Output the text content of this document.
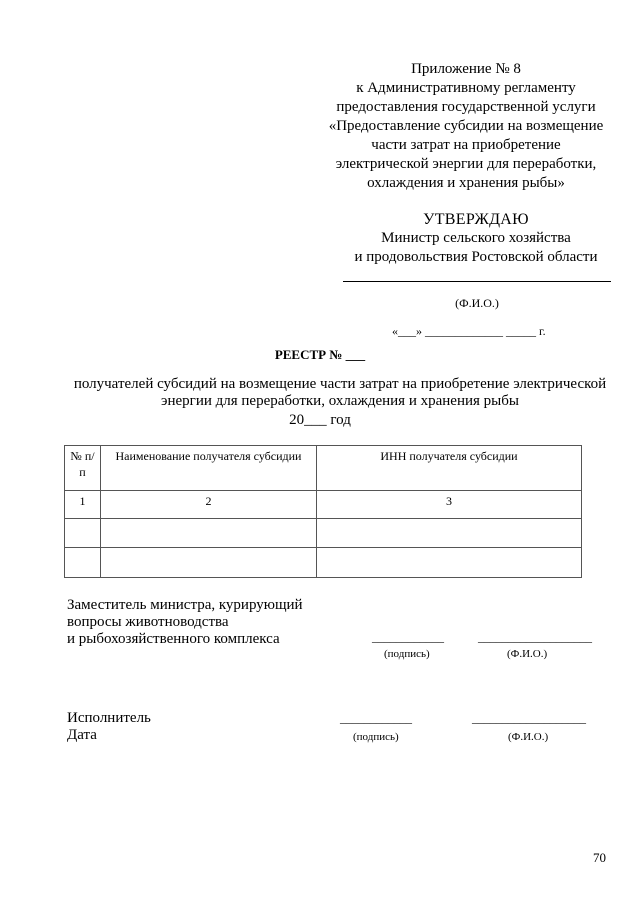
Приложение № 8
к Административному регламенту
предоставления государственной услуги
«Предоставление субсидии на возмещение
части затрат на приобретение
электрической энергии для переработки,
охлаждения и хранения рыбы»
УТВЕРЖДАЮ
Министр сельского хозяйства
и продовольствия Ростовской области
(Ф.И.О.)
«___» _____________ _____ г.
РЕЕСТР № ___
получателей субсидий на возмещение части затрат на приобретение электрической
энергии для переработки, охлаждения и хранения рыбы
20___ год
№ п/п	Наименование получателя субсидии	ИНН получателя субсидии
1	2	3

Заместитель министра, курирующий
вопросы животноводства
и рыбохозяйственного комплекса	____________	___________________
(подпись)	(Ф.И.О.)
Исполнитель
Дата
____________	___________________
(подпись)	(Ф.И.О.)
70
